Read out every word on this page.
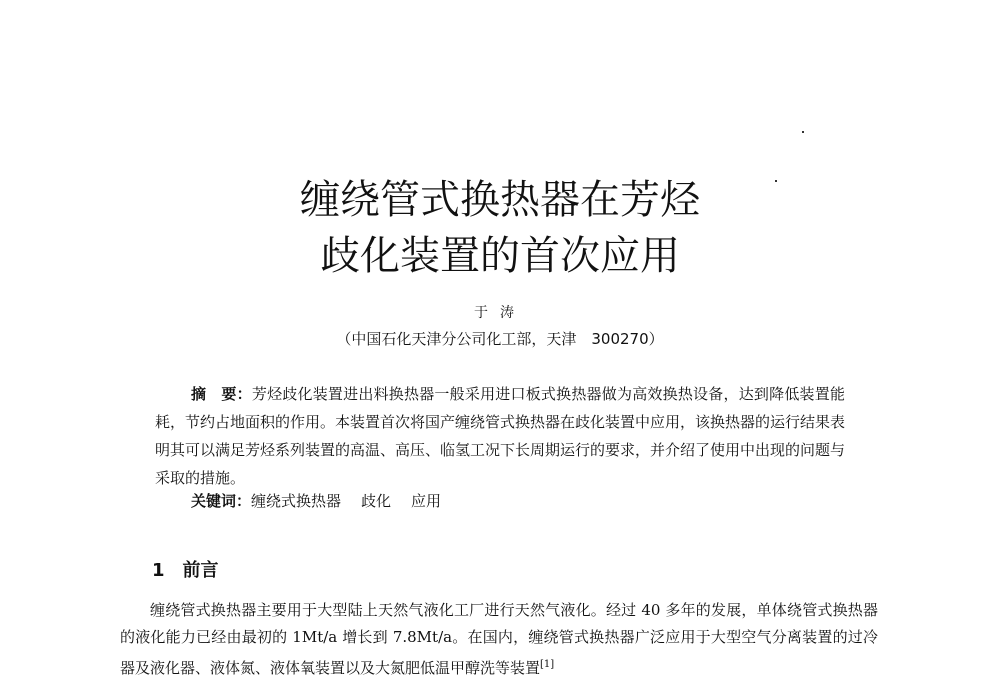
缠绕管式换热器在芳烃
歧化装置的首次应用
于涛
（中国石化天津分公司化工部，天津　300270）

摘　要：芳烃歧化装置进出料换热器一般采用进口板式换热器做为高效换热设备，达到降低装置能耗，节约占地面积的作用。本装置首次将国产缠绕管式换热器在歧化装置中应用，该换热器的运行结果表明其可以满足芳烃系列装置的高温、高压、临氢工况下长周期运行的要求，并介绍了使用中出现的问题与采取的措施。

关键词：缠绕式换热器 歧化 应用

1 前言

缠绕管式换热器主要用于大型陆上天然气液化工厂进行天然气液化。经过 40 多年的发展，单体绕管式换热器的液化能力已经由最初的 1Mt/a 增长到 7.8Mt/a。在国内，缠绕管式换热器广泛应用于大型空气分离装置的过冷器及液化器、液体氮、液体氧装置以及大氮肥低温甲醇洗等装置[1]
